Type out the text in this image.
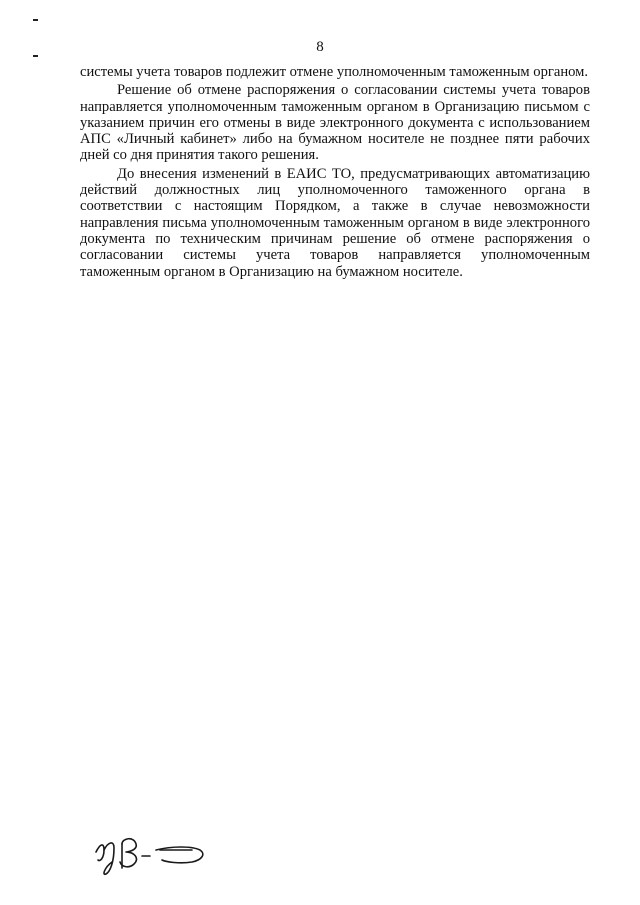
8

системы учета товаров подлежит отмене уполномоченным таможенным органом.

Решение об отмене распоряжения о согласовании системы учета товаров направляется уполномоченным таможенным органом в Организацию письмом с указанием причин его отмены в виде электронного документа с использованием АПС «Личный кабинет» либо на бумажном носителе не позднее пяти рабочих дней со дня принятия такого решения.

До внесения изменений в ЕАИС ТО, предусматривающих автоматизацию действий должностных лиц уполномоченного таможенного органа в соответствии с настоящим Порядком, а также в случае невозможности направления письма уполномоченным таможенным органом в виде электронного документа по техническим причинам решение об отмене распоряжения о согласовании системы учета товаров направляется уполномоченным таможенным органом в Организацию на бумажном носителе.
